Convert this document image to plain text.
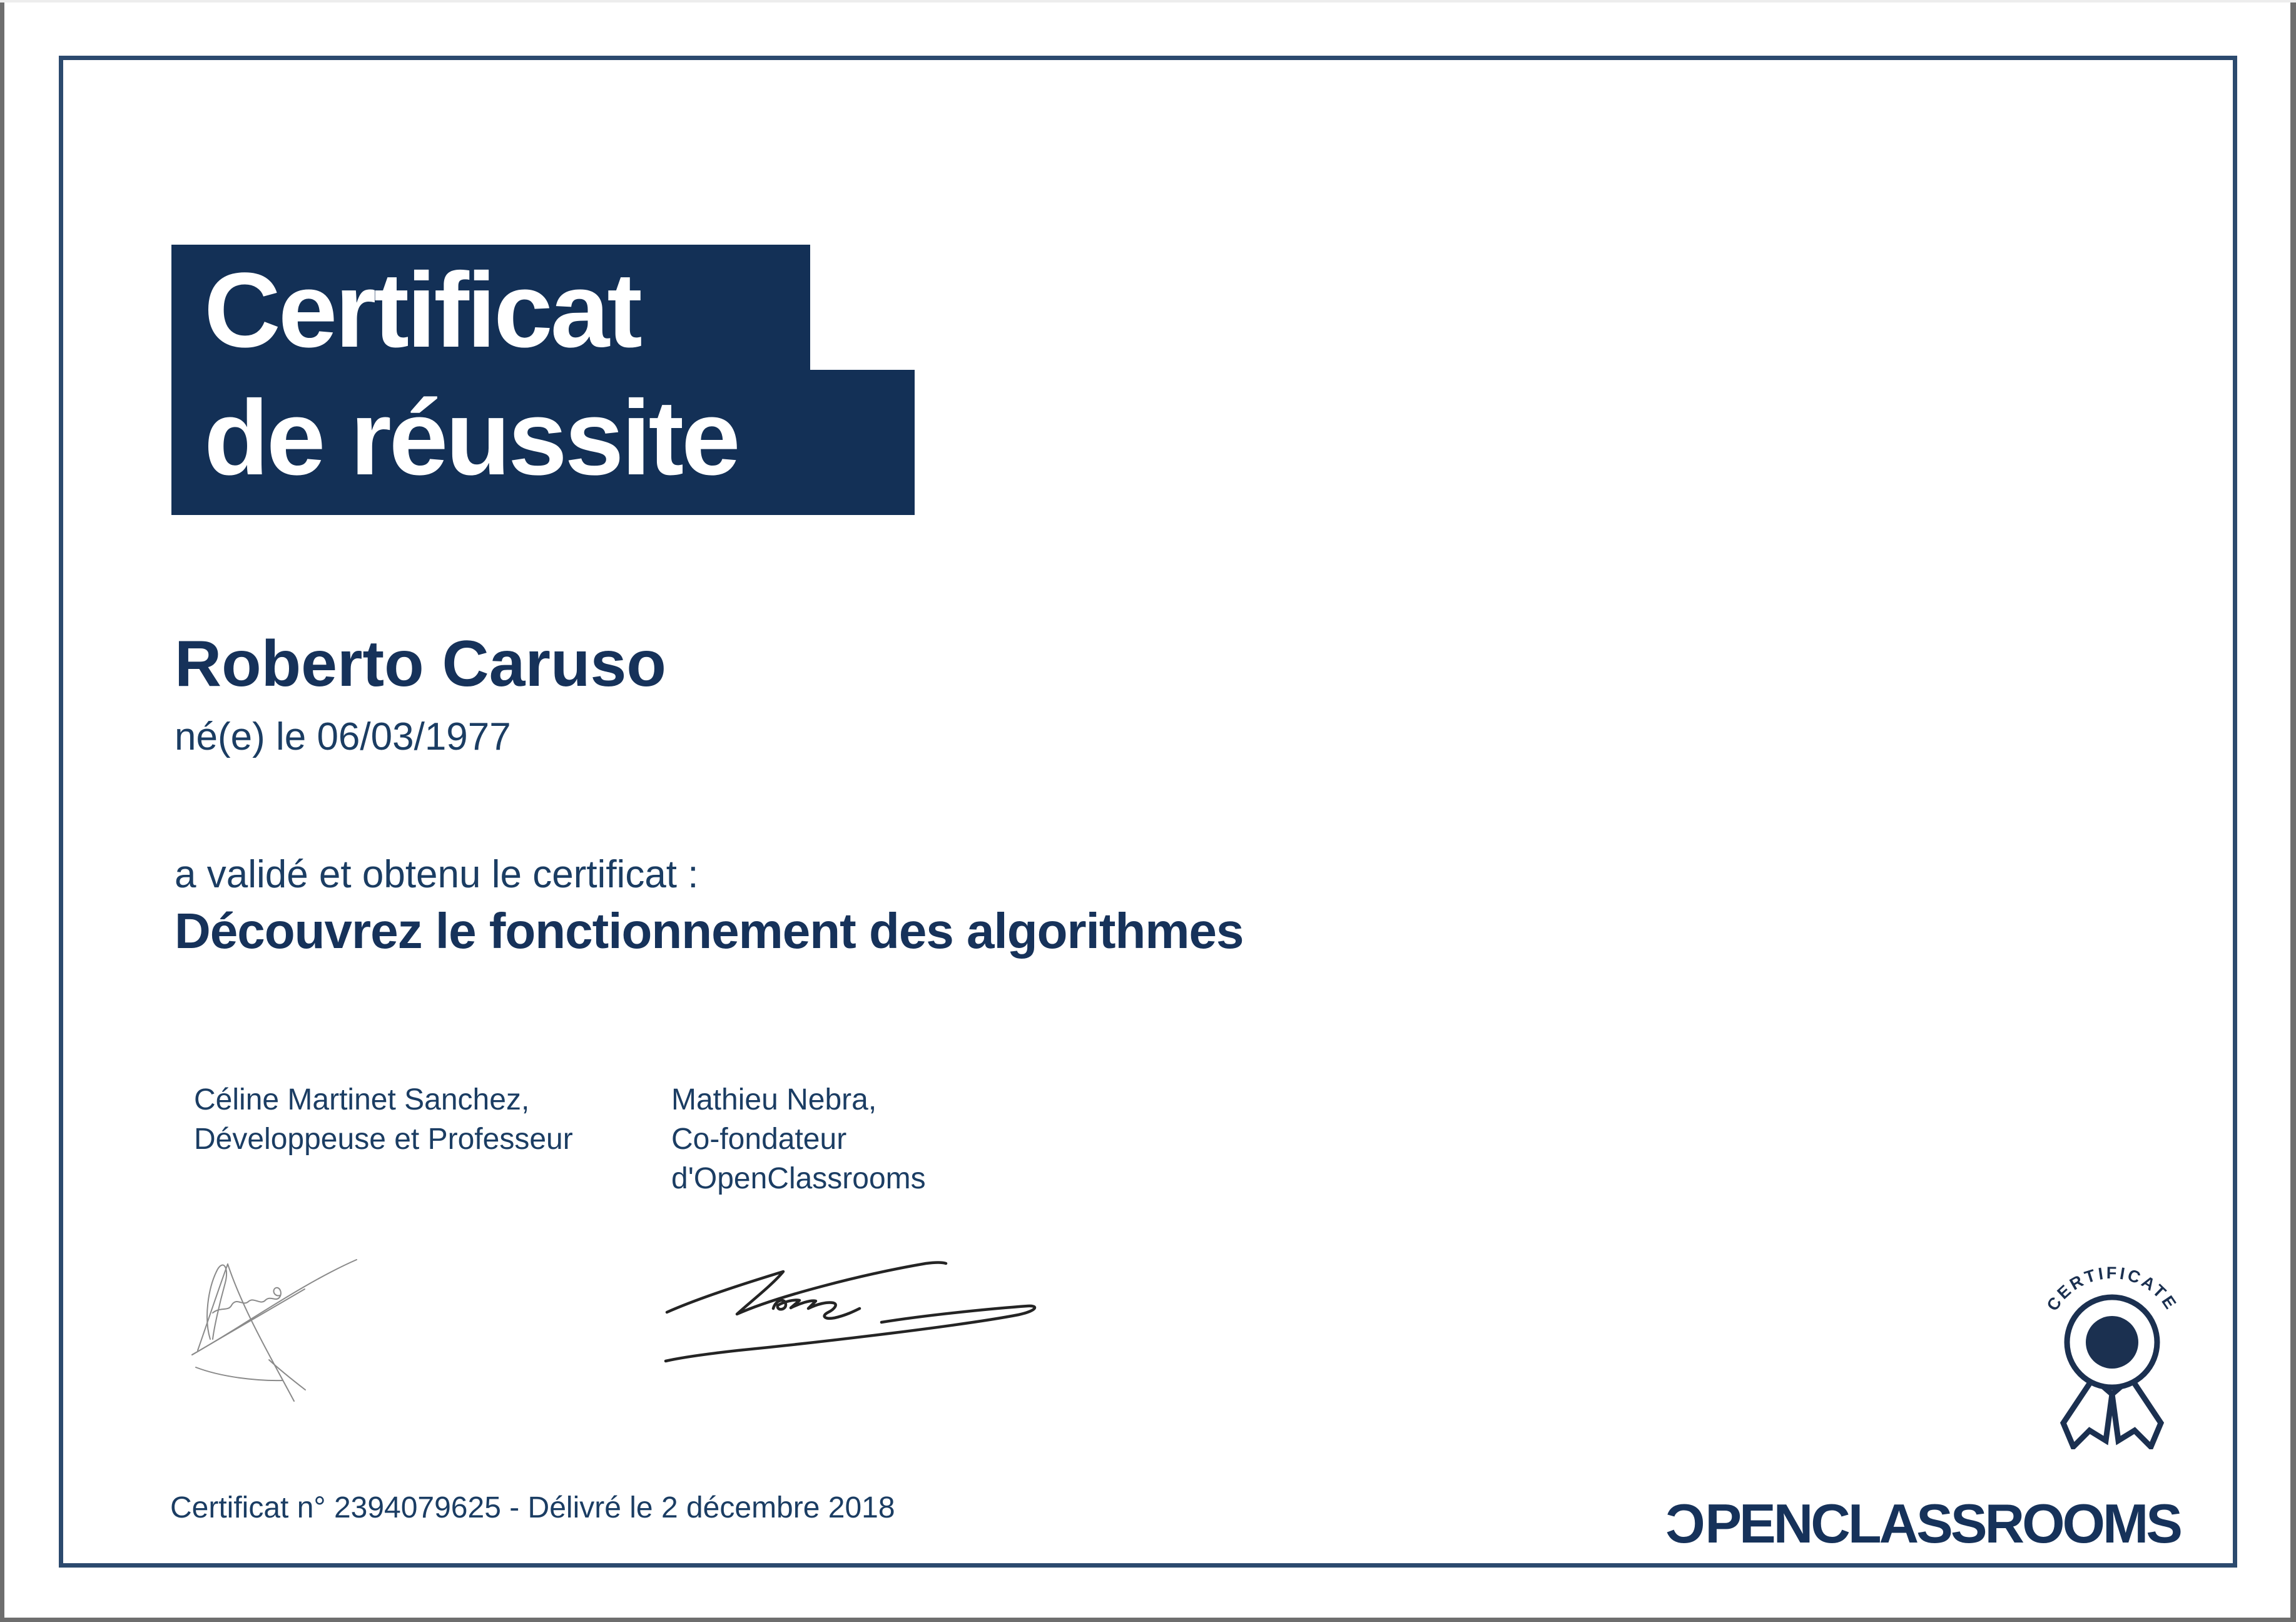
Certificat
de réussite
Roberto Caruso
né(e) le 06/03/1977
a validé et obtenu le certificat :
Découvrez le fonctionnement des algorithmes
Céline Martinet Sanchez,
Développeuse et Professeur
Mathieu Nebra,
Co-fondateur
d'OpenClassrooms
Certificat n° 2394079625 - Délivré le 2 décembre 2018
CERTIFICATE
CPENCLASSROOMS
